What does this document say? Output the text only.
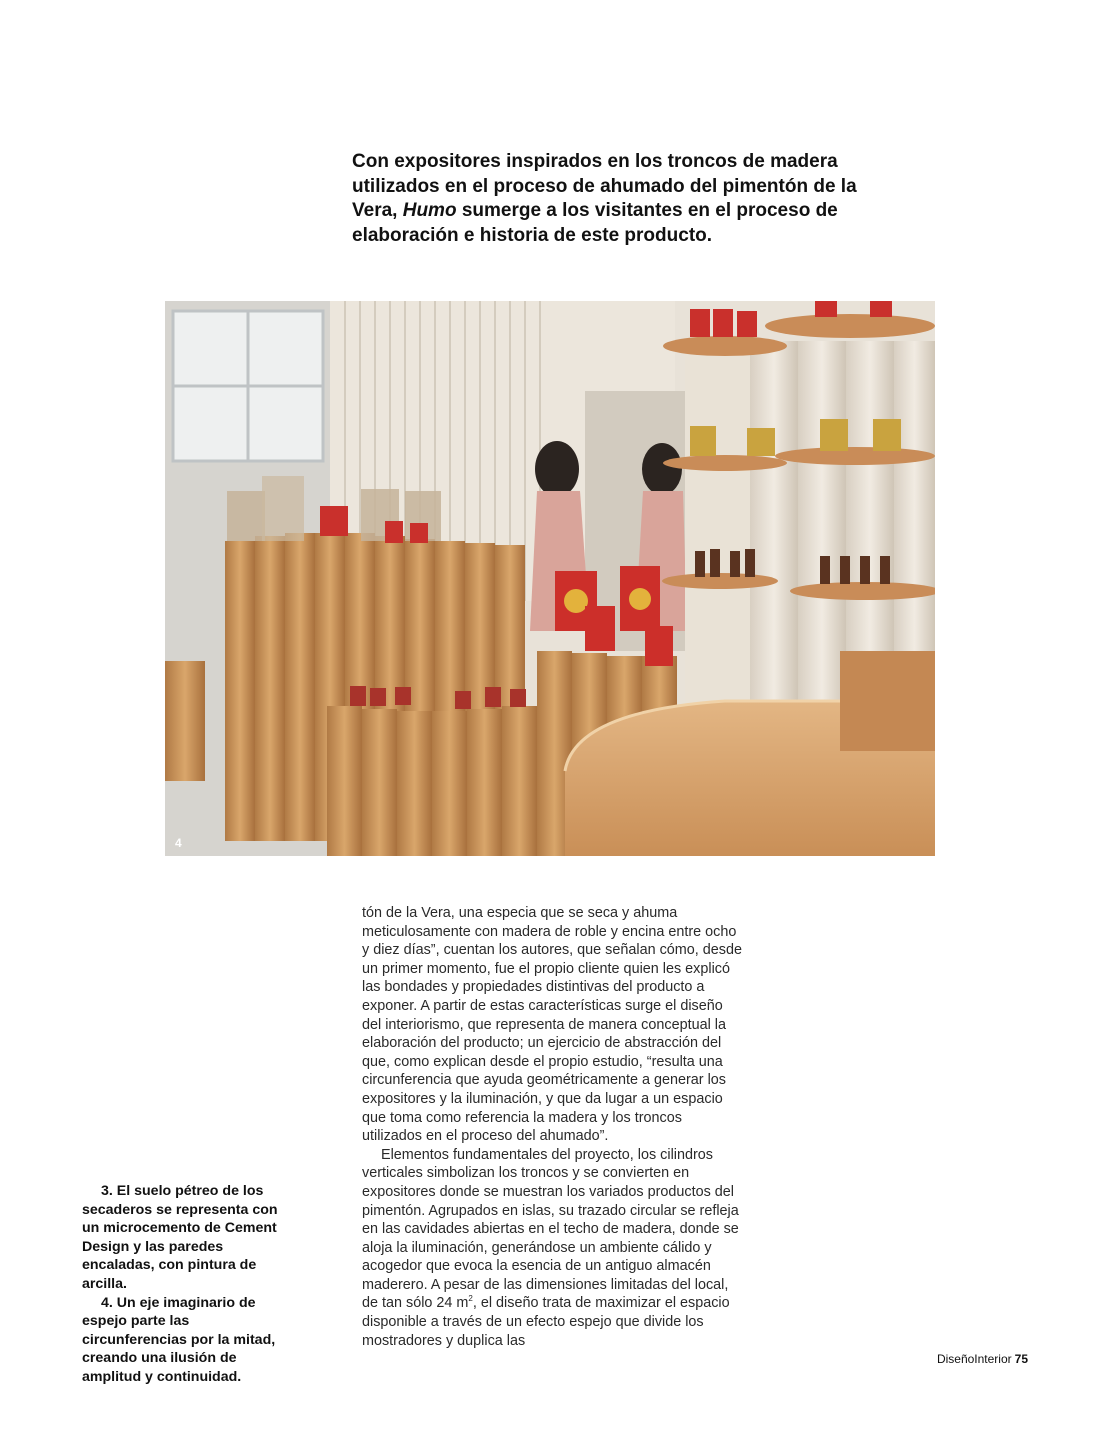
Con expositores inspirados en los troncos de madera utilizados en el proceso de ahumado del pimentón de la Vera, Humo sumerge a los visitantes en el proceso de elaboración e historia de este producto.
4

tón de la Vera, una especia que se seca y ahuma meticulosamente con madera de roble y encina entre ocho y diez días”, cuentan los autores, que señalan cómo, desde un primer momento, fue el propio cliente quien les explicó las bondades y propiedades distintivas del producto a exponer. A partir de estas características surge el diseño del interiorismo, que representa de manera conceptual la elaboración del producto; un ejercicio de abstracción del que, como explican desde el propio estudio, “resulta una circunferencia que ayuda geométricamente a generar los expositores y la iluminación, y que da lugar a un espacio que toma como referencia la madera y los troncos utilizados en el proceso del ahumado”.

Elementos fundamentales del proyecto, los cilindros verticales simbolizan los troncos y se convierten en expositores donde se muestran los variados productos del pimentón. Agrupados en islas, su trazado circular se refleja en las cavidades abiertas en el techo de madera, donde se aloja la iluminación, generándose un ambiente cálido y acogedor que evoca la esencia de un antiguo almacén maderero. A pesar de las dimensiones limitadas del local, de tan sólo 24 $m^2$, el diseño trata de maximizar el espacio disponible a través de un efecto espejo que divide los mostradores y duplica las

3. El suelo pétreo de los secaderos se representa con un microcemento de Cement Design y las paredes encaladas, con pintura de arcilla.

4. Un eje imaginario de espejo parte las circunferencias por la mitad, creando una ilusión de amplitud y continuidad.

DiseñoInterior 75
